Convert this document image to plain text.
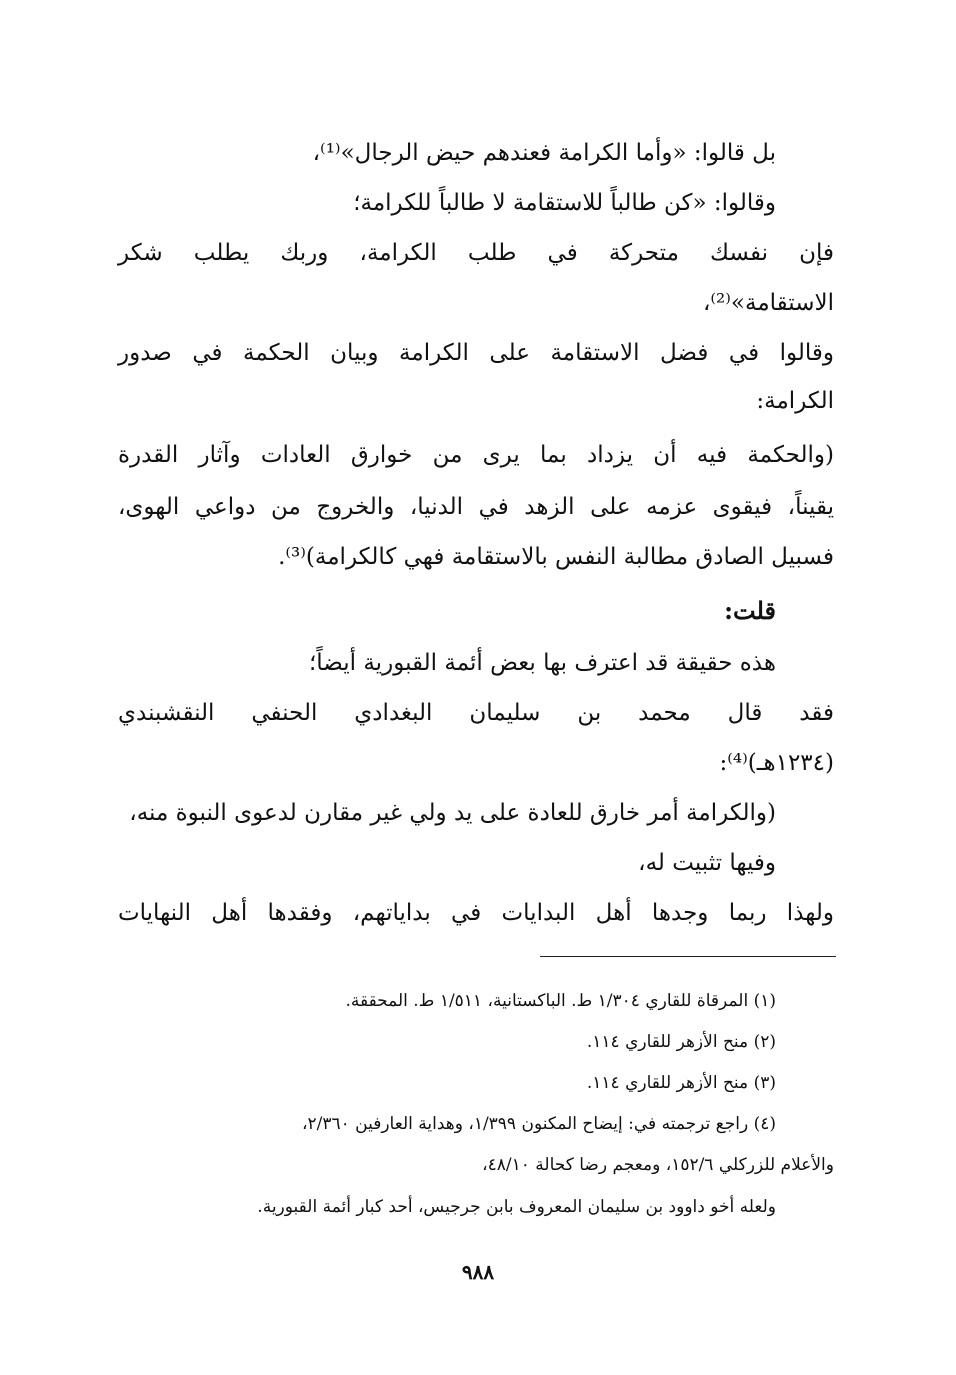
بل قالوا: «وأما الكرامة فعندهم حيض الرجال»⁽¹⁾،

وقالوا: «كن طالباً للاستقامة لا طالباً للكرامة؛

فإن نفسك متحركة في طلب الكرامة، وربك يطلب شكر

الاستقامة»⁽²⁾،

وقالوا في فضل الاستقامة على الكرامة وبيان الحكمة في صدور

الكرامة:

(والحكمة فيه أن يزداد بما يرى من خوارق العادات وآثار القدرة

يقيناً، فيقوى عزمه على الزهد في الدنيا، والخروج من دواعي الهوى،

فسبيل الصادق مطالبة النفس بالاستقامة فهي كالكرامة)⁽³⁾.

قلت:

هذه حقيقة قد اعترف بها بعض أئمة القبورية أيضاً؛

فقد قال محمد بن سليمان البغدادي الحنفي النقشبندي

(١٢٣٤هـ)⁽⁴⁾:

(والكرامة أمر خارق للعادة على يد ولي غير مقارن لدعوى النبوة منه،

وفيها تثبيت له،

ولهذا ربما وجدها أهل البدايات في بداياتهم، وفقدها أهل النهايات

(١) المرقاة للقاري ١/٣٠٤ ط. الباكستانية، ١/٥١١ ط. المحققة.

(٢) منح الأزهر للقاري ١١٤.

(٣) منح الأزهر للقاري ١١٤.

(٤) راجع ترجمته في: إيضاح المكنون ١/٣٩٩، وهداية العارفين ٢/٣٦٠،

والأعلام للزركلي ١٥٢/٦، ومعجم رضا كحالة ٤٨/١٠،

ولعله أخو داوود بن سليمان المعروف بابن جرجيس، أحد كبار أئمة القبورية.

٩٨٨
